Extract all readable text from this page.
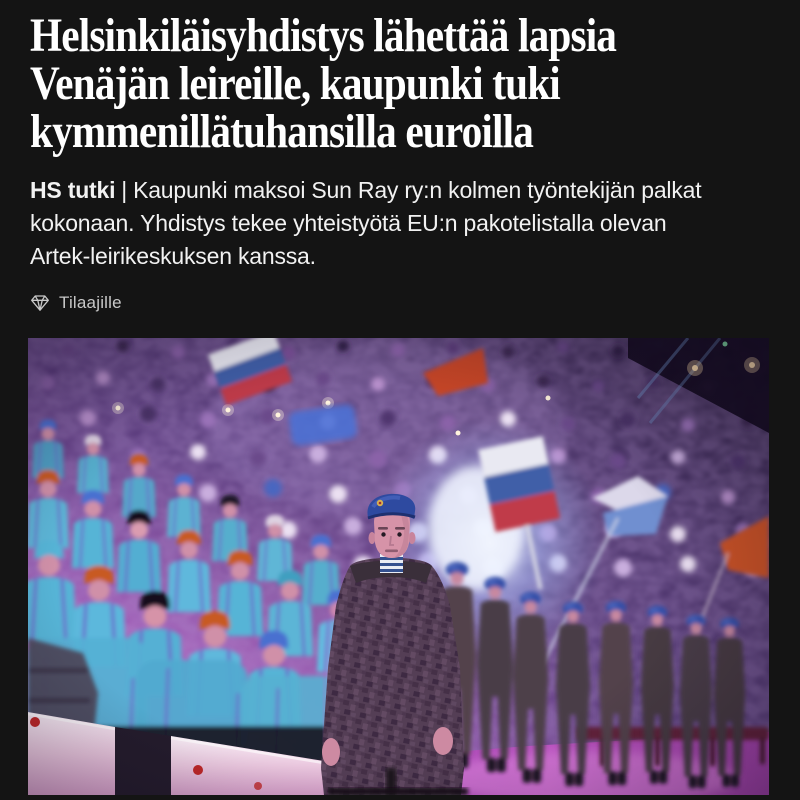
Helsinkiläisyhdistys lähettää lapsia
Venäjän leireille, kaupunki tuki
kymmenillätuhansilla euroilla
HS tutki | Kaupunki maksoi Sun Ray ry:n kolmen työntekijän palkat
kokonaan. Yhdistys tekee yhteistyötä EU:n pakotelistalla olevan
Artek-leirikeskuksen kanssa.
Tilaajille
